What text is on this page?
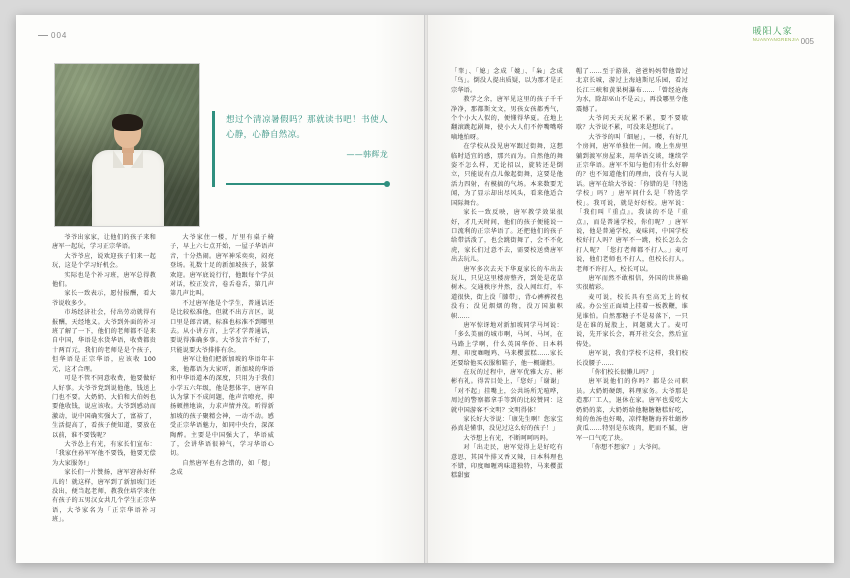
004
想过个清凉暑假吗？那就读书吧！书使人心静，心静自然凉。
——韩辉龙

爷爷出家家，让他们的孩子来和唐军一起玩，学习正宗华语。

大爷爷应，说欢迎孩子们来一起玩，这是个学习好机会。

实际也是个补习班，唐军总得教他们。

家长一致表示，愿付报酬，看大爷说收多少。

市场经济社会，付出劳动就得有报酬，天经地义。大爷到外面的补习班了解了一下，他们的老师都不是来自中国，华语是水货华语，收费都贵十两百元，我们的老师是是个孩子，但华语是正宗华语，应该收 100 元，这才合理。

可是不管不同意收费，他要做好人好事。大爷爷党到说他他，钱送上门也不要。大奶奶、大伯和大伯妈也要他收钱，说应该收。大爷到感动而激动，说中国确实强大了，富裕了，生活提高了，看孩子便知道，要放在以前，谁不要钱呢？

大爷怂上有光，有家长们宣布：「我家住孙军军他不要钱，他要无偿为大家服务!」

家长们一片赞扬，唐军窘孙好样儿的！就这样，唐军到了新加坡门还没出，便当起老师，教我住培学来住有孩子的五男汉女共几个学生正宗华语，大爷家名为「正宗华语补习班」。

大爷家住一楼，厅里有桌子椅子，早上六七点开始，一屋子华语声音，十分热闹。唐军神采奕奕，闷亮登场。礼数十足的新加坡孩子，鼓掌欢迎。唐军底说行行，他跟每个学员对话，校正发音，卷舌卷舌，第几声第几声比叫。

不过唐军他是个学生，普通话还是比较松准他，但就不出方言区，说口里是郎音调，标准也标准不到哪里去。从小讲方言，上学才学普通话，要说得准确多事。大爷发音不好了，只能说要大爷排排有余。

唐军让他们把新加坡的华语年丰来，他都语为大家听，新加坡的华语和中华语道本的深度，只用为于我们小学五六年级，他是想体字，唐军自认为掌下不成问题，他声音嘹亮，抑扬顿挫地读，力求声情并茂。听得新加坡的孩子聚精会神，一动不动。感受正宗华语魅力，如同中央台，深深陶醉。主要是中国强大了，华语威了，会讲华语很神气，学习华语心切。

自然唐军也有念错的，如「偲」念成

暖阳人家
NUANYANGRENJIA 005

「睾」、「媳」念成「媲」、「枭」念成「鸟」。倒没人提出质疑，以为那才是正宗华语。

教学之余，唐军见这里的孩子千千净净，那都斯文文，男孩女孩都秀气，个个小大人似的，便懂得华夏。在地上翻滚跳起剧舞，使小大人们不停嘴嘴嗒嘀地怕呀。

在学校从没见唐军跟过街舞，这想临时适宜的感，那兴而为。自然他的舞姿不怎么样，无论招以，旋转还是倒立，只能说有点儿像起街舞，这要是他活力四射，有模搞的气场。本来数要无闻，为了显示却出尽风头，看来他适合国际舞台。

家长一致反映，唐军教学效果很好，才几天时间，他们的孩子便能说一口流利的正宗华语了。还把他们的孩子给带活泼了，也会跳街舞了，会不不化虎，家长们过意不去，需要校送费唐军出去玩儿。

唐军多次去天下华夏家长的车出去玩儿，只见这里楼房整齐，到处是花草树木。交通秩序井然，没人闯红灯，车道很快，街上没「膝带」，背心裤裤衩也没有；没见烟烟的物，没万国旗帜帜……

唐军惊讶地对新加坡同学马坷说：「多么美丽的城市啊，马坷、马坷，在马路上学啊，什么英国华侨、日本料理、印度咖喱鸡、马来樱蛋糕……家长还要给他买衣服和鞋子，他一概谢拒。

在玩的过程中，唐军优雅大方、彬彬有礼。得苦目处上，「您好」「谢谢」「对不起」挂嘴上，公共场所无喧哗，周过的警察都拿手等到的比较赞同：这就中国游客不文明？文明得体！

家长好大爷说：「康先生啊！您家宝孙真是懂事，没见过这么好的孩子！」

大爷想上有光，不断呵呵吗吗。

对「出走民，唐军觉得上是好吃有意思，其国牛排又香又辣，日本科理也不错，印度咖喱鸡味道独特，马来樱蛋糕甜蜜

帽了……至于游景，爸爸妈妈带他曾过北京长城，游过上海迪斯尼乐园，看过长江三峡和黄果树瀑布……「曾经沧海为水，除却巫山不是云」，再没哪里令他震撼了。

大爷问天天玩累不累，要不要歇歇？大爷说不累，可没来是想玩了。

大爷爷的叫「細屉」，一楼，有好几个房间，唐军单独住一间。晚上坐房里躺到渡军房屋来，用华语交谈，继续学正宗华语。唐军不知与他们有什么好聊的？也不知道他们的理由，没有与人说话。唐军在给大爷说：「你错的是「特选学校」吗？」唐军问什么是「特选学校」。我可说，就是好好校。唐军说：「我们叫『重点』。我读的不是『重点』，而是普通学校，你们呢？」唐军说，他是普通学校，麦味问，中国学校校好打人吗？唐军不一跳，校长怎么会打人呢？「您打老师都不打人。」麦可说，他们老师也不打人，但校长打人。老师不许打人，校长可以。

唐军而然不敢相信，外国的世界确实很精彩。

麦可说，校长具有至高无上的权威。办公室正面墙上挂着一板教鞭，谁见谁怕。自然那糖子不是易落下，一只是在谁的屁股上，问题就大了。麦可说，先开家长会，再开社交会，然后宣传处。

唐军说，我们学校不这样，我们校长没腰子……

「你们校长很懒儿吗？」

唐军说他们的你吗？都是公司职员。大奶奶硬朗，料理家务。大爷那是造那厂工人，退休在家。唐军也爱吃大奶奶的菜，大奶奶给他糖糖糖糕好吃，炖的鱼汤也好喝，凉拌糖糖海苔牡蛎炒黄瓜……特别是东坡肉，肥而不腻，唐军一口气吃了块。

「你想不想家？」大爷问。
